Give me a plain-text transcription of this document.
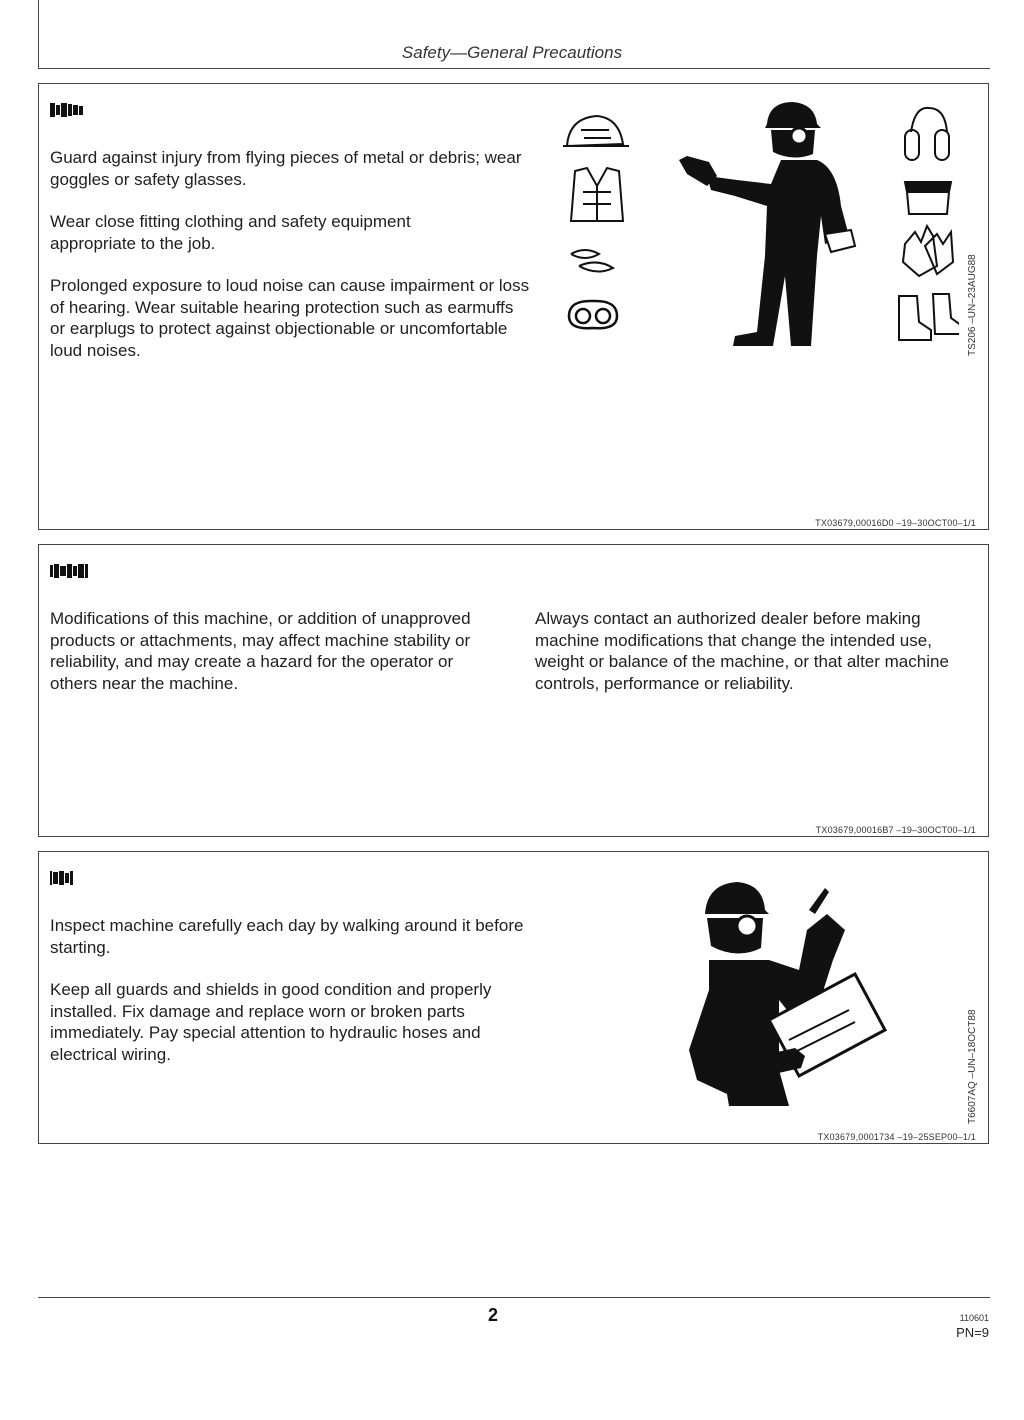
Safety—General Precautions

Guard against injury from flying pieces of metal or debris; wear goggles or safety glasses.

Wear close fitting clothing and safety equipment appropriate to the job.

Prolonged exposure to loud noise can cause impairment or loss of hearing. Wear suitable hearing protection such as earmuffs or earplugs to protect against objectionable or uncomfortable loud noises.	TS206 –UN–23AUG88
TX03679,00016D0 –19–30OCT00–1/1
Modifications of this machine, or addition of unapproved products or attachments, may affect machine stability or reliability, and may create a hazard for the operator or others near the machine.
Always contact an authorized dealer before making machine modifications that change the intended use, weight or balance of the machine, or that alter machine controls, performance or reliability.
TX03679,00016B7 –19–30OCT00–1/1

Inspect machine carefully each day by walking around it before starting.

Keep all guards and shields in good condition and properly installed. Fix damage and replace worn or broken parts immediately. Pay special attention to hydraulic hoses and electrical wiring.	T6607AQ –UN–18OCT88
TX03679,0001734 –19–25SEP00–1/1
2	110601
PN=9
